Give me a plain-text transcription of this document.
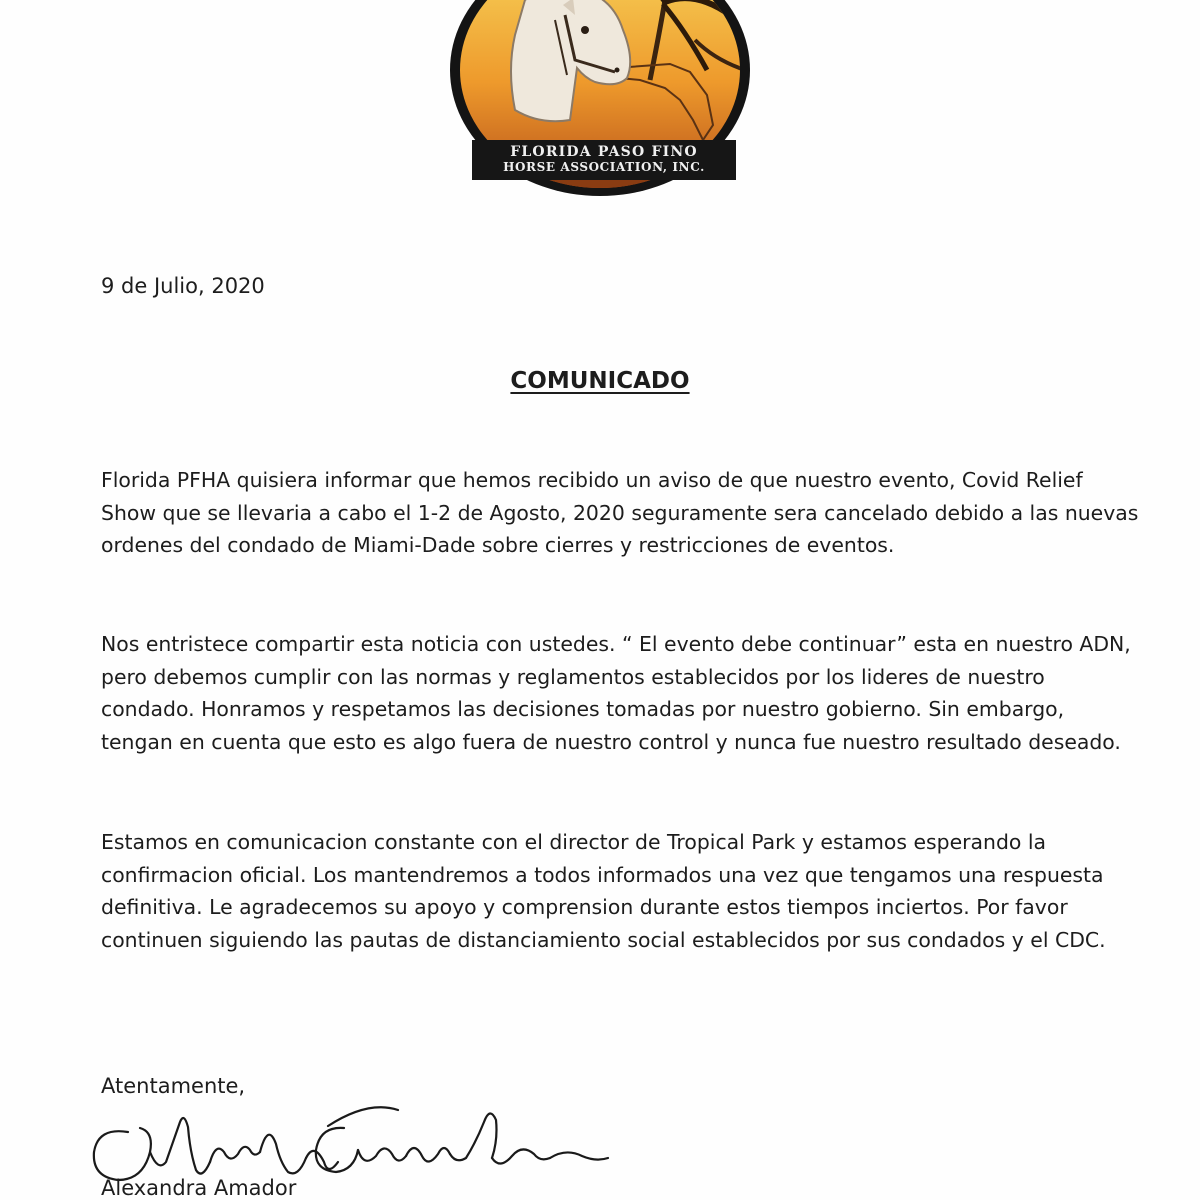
FLORIDA PASO FINO
HORSE ASSOCIATION, INC.
9 de Julio, 2020
COMUNICADO

Florida PFHA quisiera informar que hemos recibido un aviso de que nuestro evento, Covid Relief Show que se llevaria a cabo el 1-2 de Agosto, 2020 seguramente sera cancelado debido a las nuevas ordenes del condado de Miami-Dade sobre cierres y restricciones de eventos.

Nos entristece compartir esta noticia con ustedes. “ El evento debe continuar” esta en nuestro ADN, pero debemos cumplir con las normas y reglamentos establecidos por los lideres de nuestro condado. Honramos y respetamos las decisiones tomadas por nuestro gobierno. Sin embargo, tengan en cuenta que esto es algo fuera de nuestro control y nunca fue nuestro resultado deseado.

Estamos en comunicacion constante con el director de Tropical Park y estamos esperando la confirmacion oficial. Los mantendremos a todos informados una vez que tengamos una respuesta definitiva. Le agradecemos su apoyo y comprension durante estos tiempos inciertos. Por favor continuen siguiendo las pautas de distanciamiento social establecidos por sus condados y el CDC.

Atentamente,
Alexandra Amador
